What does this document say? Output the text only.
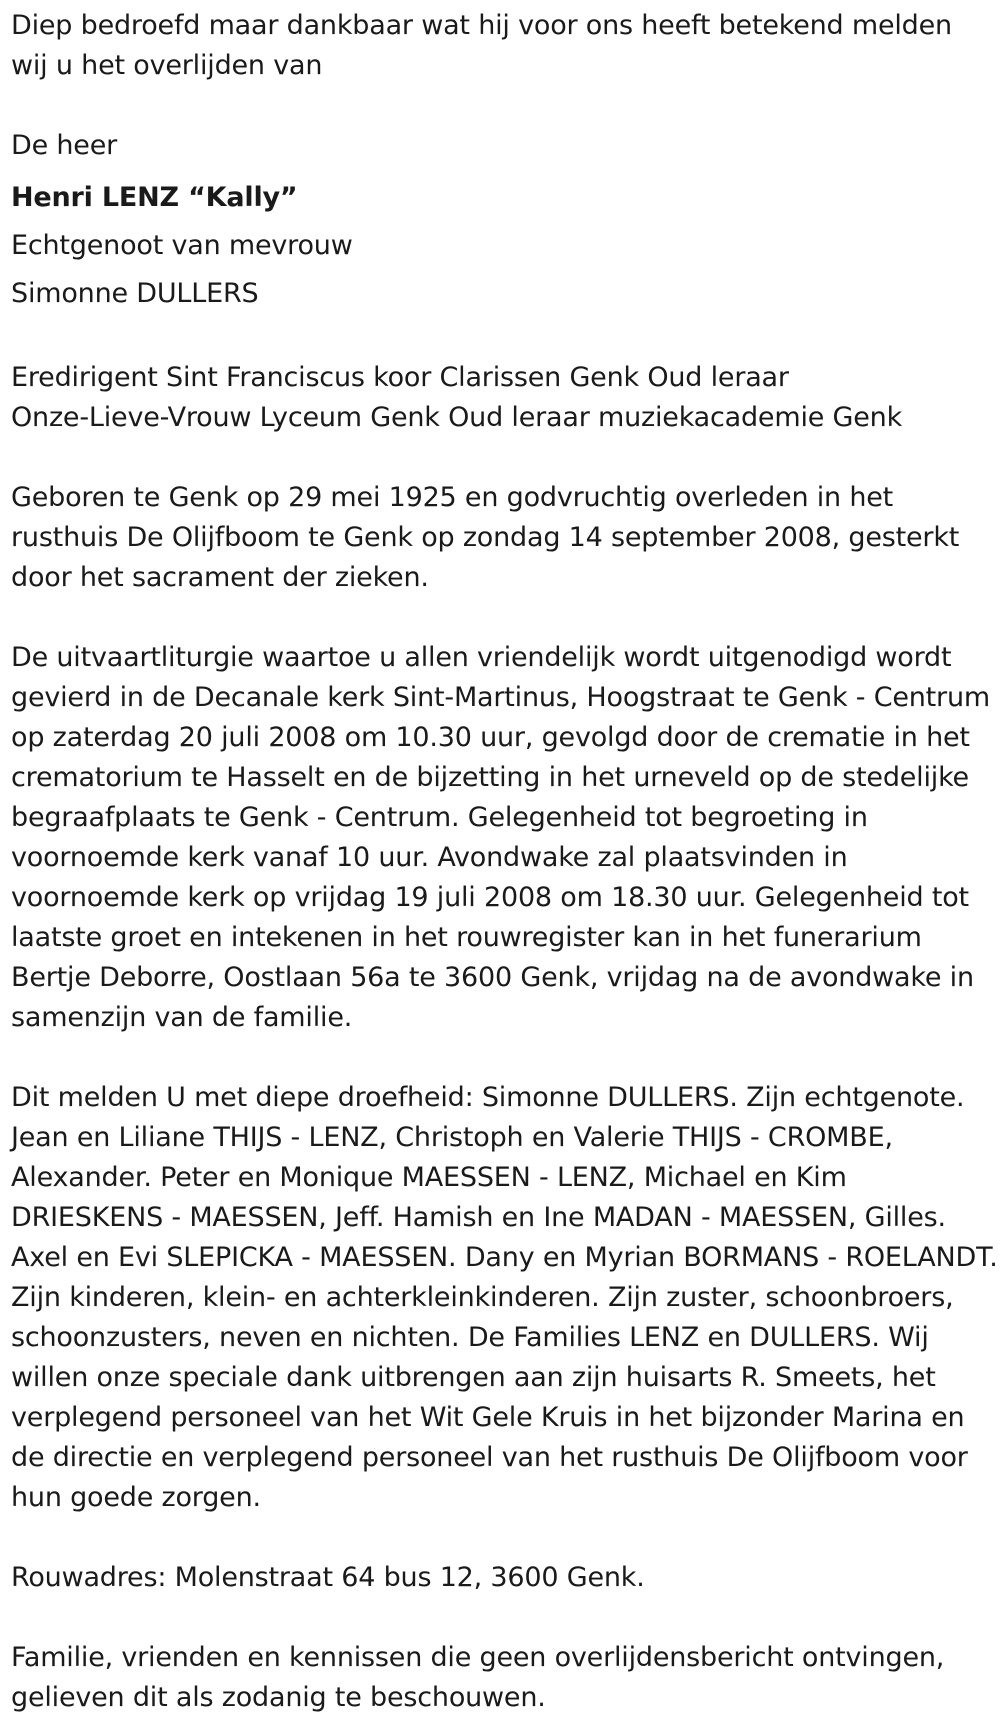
Diep bedroefd maar dankbaar wat hij voor ons heeft betekend melden
wij u het overlijden van

De heer
Henri LENZ “Kally”
Echtgenoot van mevrouw
Simonne DULLERS

Eredirigent Sint Franciscus koor Clarissen Genk Oud leraar
Onze-Lieve-Vrouw Lyceum Genk Oud leraar muziekacademie Genk

Geboren te Genk op 29 mei 1925 en godvruchtig overleden in het
rusthuis De Olijfboom te Genk op zondag 14 september 2008, gesterkt
door het sacrament der zieken.

De uitvaartliturgie waartoe u allen vriendelijk wordt uitgenodigd wordt
gevierd in de Decanale kerk Sint-Martinus, Hoogstraat te Genk - Centrum
op zaterdag 20 juli 2008 om 10.30 uur, gevolgd door de crematie in het
crematorium te Hasselt en de bijzetting in het urneveld op de stedelijke
begraafplaats te Genk - Centrum. Gelegenheid tot begroeting in
voornoemde kerk vanaf 10 uur. Avondwake zal plaatsvinden in
voornoemde kerk op vrijdag 19 juli 2008 om 18.30 uur. Gelegenheid tot
laatste groet en intekenen in het rouwregister kan in het funerarium
Bertje Deborre, Oostlaan 56a te 3600 Genk, vrijdag na de avondwake in
samenzijn van de familie.

Dit melden U met diepe droefheid: Simonne DULLERS. Zijn echtgenote.
Jean en Liliane THIJS - LENZ, Christoph en Valerie THIJS - CROMBE,
Alexander. Peter en Monique MAESSEN - LENZ, Michael en Kim
DRIESKENS - MAESSEN, Jeff. Hamish en Ine MADAN - MAESSEN, Gilles.
Axel en Evi SLEPICKA - MAESSEN. Dany en Myrian BORMANS - ROELANDT.
Zijn kinderen, klein- en achterkleinkinderen. Zijn zuster, schoonbroers,
schoonzusters, neven en nichten. De Families LENZ en DULLERS. Wij
willen onze speciale dank uitbrengen aan zijn huisarts R. Smeets, het
verplegend personeel van het Wit Gele Kruis in het bijzonder Marina en
de directie en verplegend personeel van het rusthuis De Olijfboom voor
hun goede zorgen.

Rouwadres: Molenstraat 64 bus 12, 3600 Genk.

Familie, vrienden en kennissen die geen overlijdensbericht ontvingen,
gelieven dit als zodanig te beschouwen.
